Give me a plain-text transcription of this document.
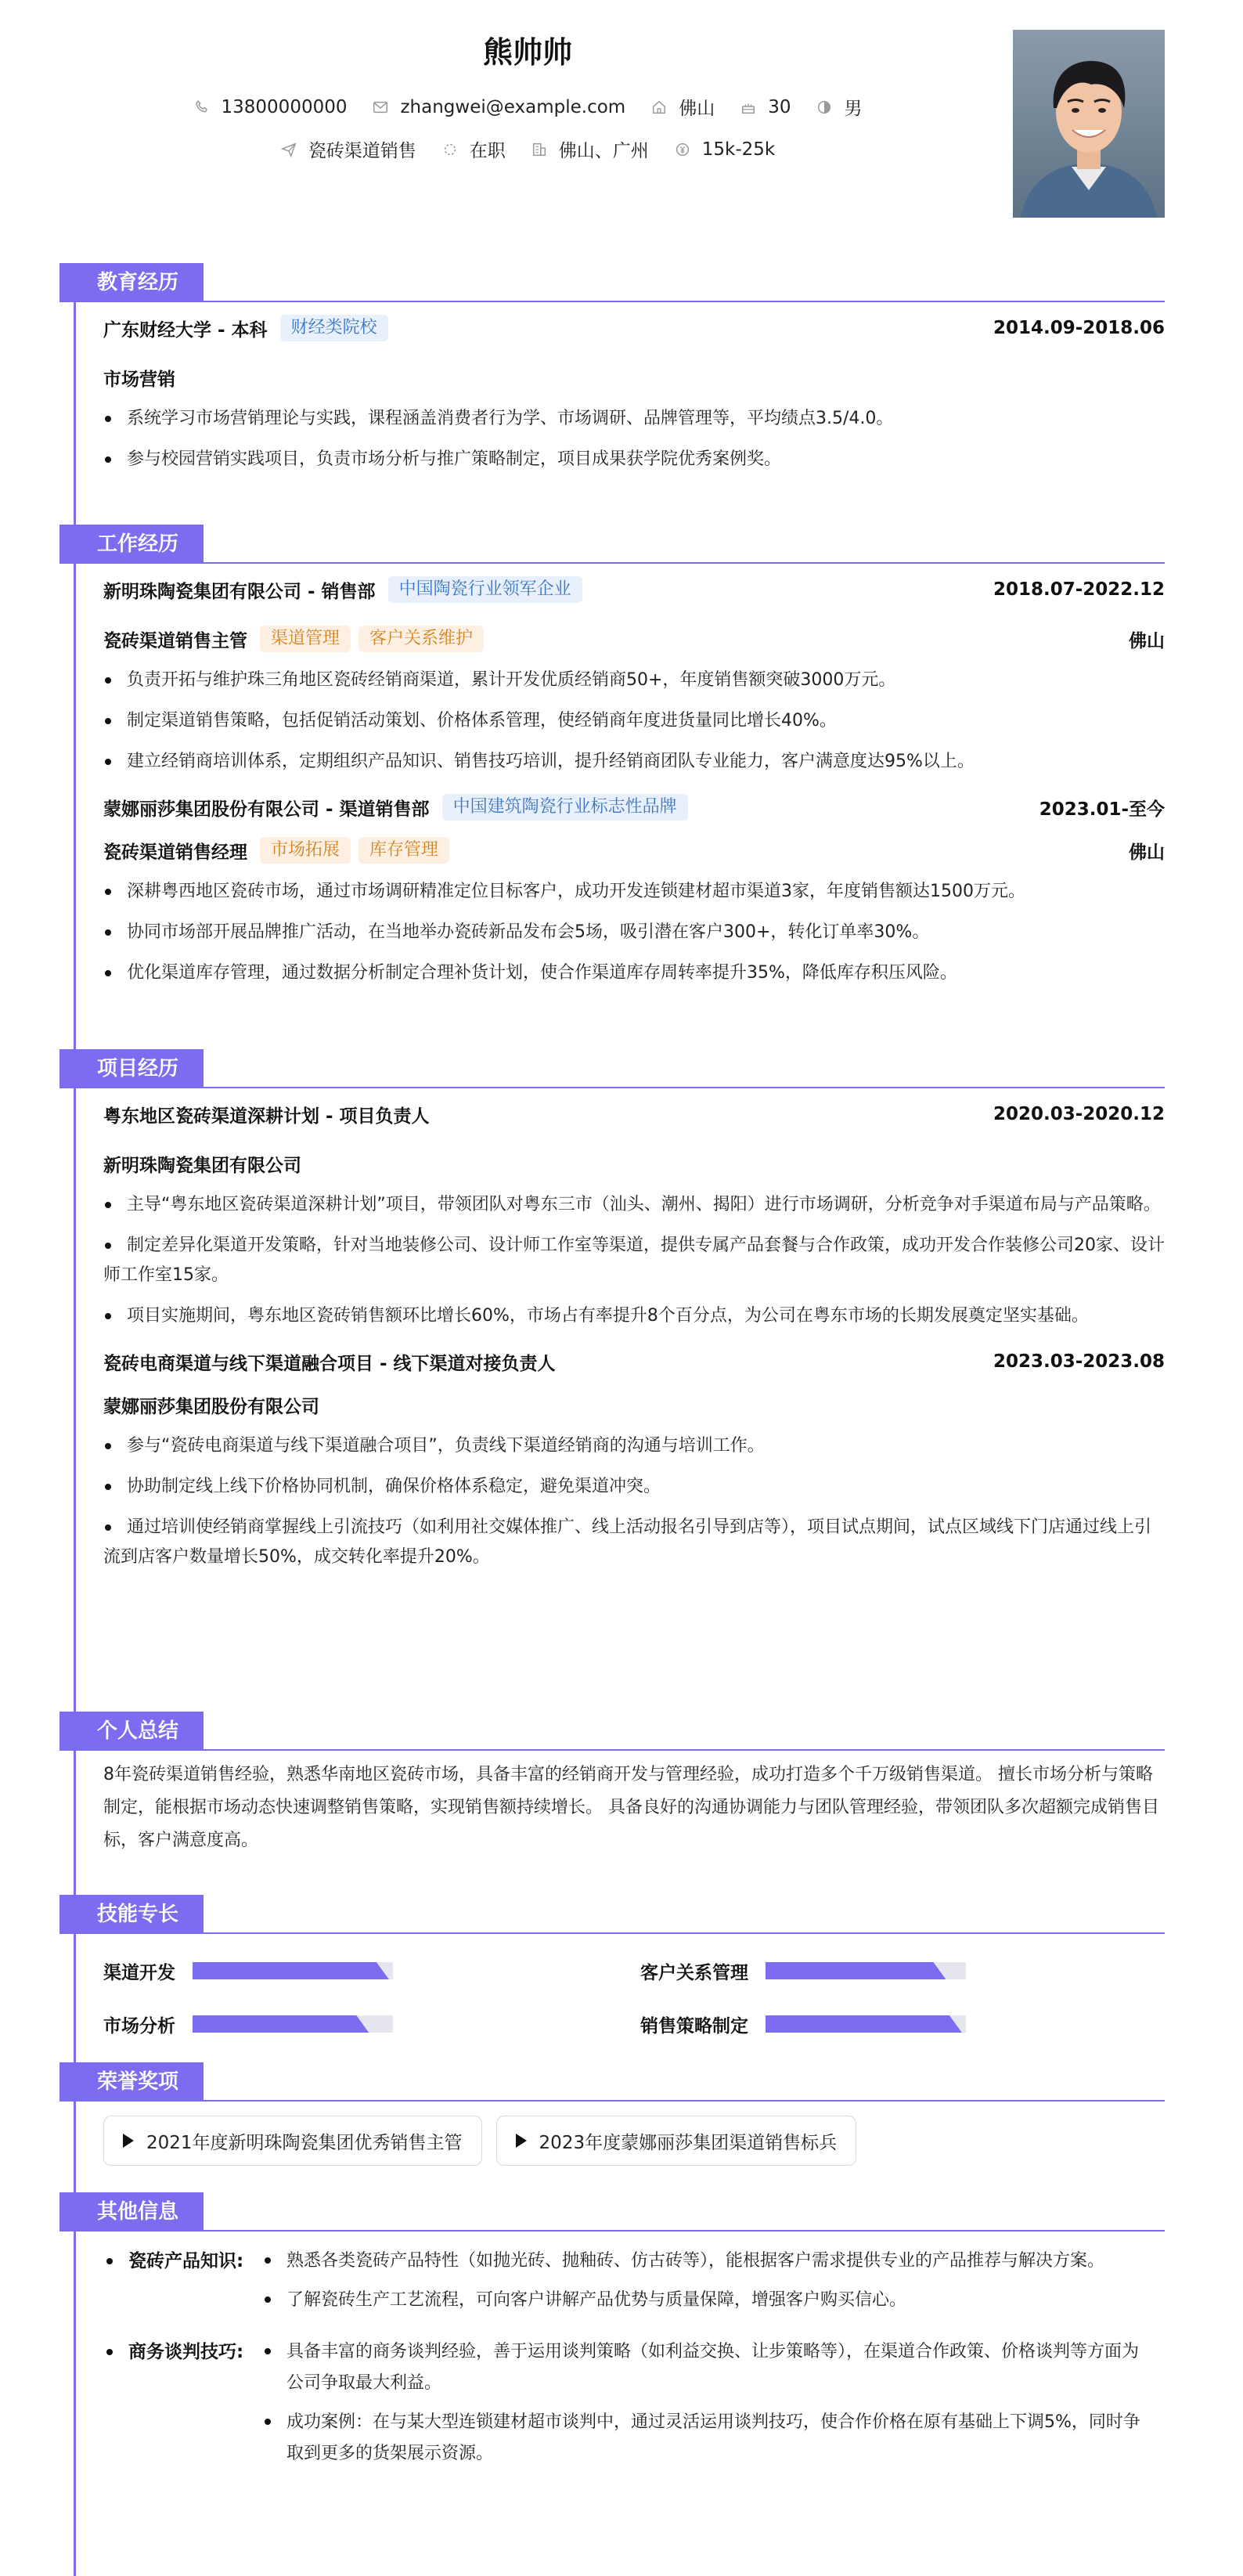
熊帅帅
13800000000	zhangwei@example.com	佛山	30	男
瓷砖渠道销售	在职	佛山、广州	15k-25k
教育经历
广东财经大学 - 本科	财经类院校	2014.09-2018.06
市场营销
系统学习市场营销理论与实践，课程涵盖消费者行为学、市场调研、品牌管理等，平均绩点3.5/4.0。
参与校园营销实践项目，负责市场分析与推广策略制定，项目成果获学院优秀案例奖。
工作经历
新明珠陶瓷集团有限公司 - 销售部	中国陶瓷行业领军企业	2018.07-2022.12
瓷砖渠道销售主管	渠道管理	客户关系维护	佛山
负责开拓与维护珠三角地区瓷砖经销商渠道，累计开发优质经销商50+，年度销售额突破3000万元。
制定渠道销售策略，包括促销活动策划、价格体系管理，使经销商年度进货量同比增长40%。
建立经销商培训体系，定期组织产品知识、销售技巧培训，提升经销商团队专业能力，客户满意度达95%以上。
蒙娜丽莎集团股份有限公司 - 渠道销售部	中国建筑陶瓷行业标志性品牌	2023.01-至今
瓷砖渠道销售经理	市场拓展	库存管理	佛山
深耕粤西地区瓷砖市场，通过市场调研精准定位目标客户，成功开发连锁建材超市渠道3家，年度销售额达1500万元。
协同市场部开展品牌推广活动，在当地举办瓷砖新品发布会5场，吸引潜在客户300+，转化订单率30%。
优化渠道库存管理，通过数据分析制定合理补货计划，使合作渠道库存周转率提升35%，降低库存积压风险。
项目经历
粤东地区瓷砖渠道深耕计划 - 项目负责人	2020.03-2020.12
新明珠陶瓷集团有限公司
主导“粤东地区瓷砖渠道深耕计划”项目，带领团队对粤东三市（汕头、潮州、揭阳）进行市场调研，分析竞争对手渠道布局与产品策略。
制定差异化渠道开发策略，针对当地装修公司、设计师工作室等渠道，提供专属产品套餐与合作政策，成功开发合作装修公司20家、设计师工作室15家。
项目实施期间，粤东地区瓷砖销售额环比增长60%，市场占有率提升8个百分点，为公司在粤东市场的长期发展奠定坚实基础。
瓷砖电商渠道与线下渠道融合项目 - 线下渠道对接负责人	2023.03-2023.08
蒙娜丽莎集团股份有限公司
参与“瓷砖电商渠道与线下渠道融合项目”，负责线下渠道经销商的沟通与培训工作。
协助制定线上线下价格协同机制，确保价格体系稳定，避免渠道冲突。
通过培训使经销商掌握线上引流技巧（如利用社交媒体推广、线上活动报名引导到店等），项目试点期间，试点区域线下门店通过线上引流到店客户数量增长50%，成交转化率提升20%。
个人总结
8年瓷砖渠道销售经验，熟悉华南地区瓷砖市场，具备丰富的经销商开发与管理经验，成功打造多个千万级销售渠道。 擅长市场分析与策略制定，能根据市场动态快速调整销售策略，实现销售额持续增长。 具备良好的沟通协调能力与团队管理经验，带领团队多次超额完成销售目标，客户满意度高。
技能专长
渠道开发	客户关系管理
市场分析	销售策略制定
荣誉奖项
2021年度新明珠陶瓷集团优秀销售主管	2023年度蒙娜丽莎集团渠道销售标兵
其他信息
瓷砖产品知识:	熟悉各类瓷砖产品特性（如抛光砖、抛釉砖、仿古砖等），能根据客户需求提供专业的产品推荐与解决方案。
了解瓷砖生产工艺流程，可向客户讲解产品优势与质量保障，增强客户购买信心。
商务谈判技巧:	具备丰富的商务谈判经验，善于运用谈判策略（如利益交换、让步策略等），在渠道合作政策、价格谈判等方面为公司争取最大利益。
成功案例：在与某大型连锁建材超市谈判中，通过灵活运用谈判技巧，使合作价格在原有基础上下调5%，同时争取到更多的货架展示资源。
